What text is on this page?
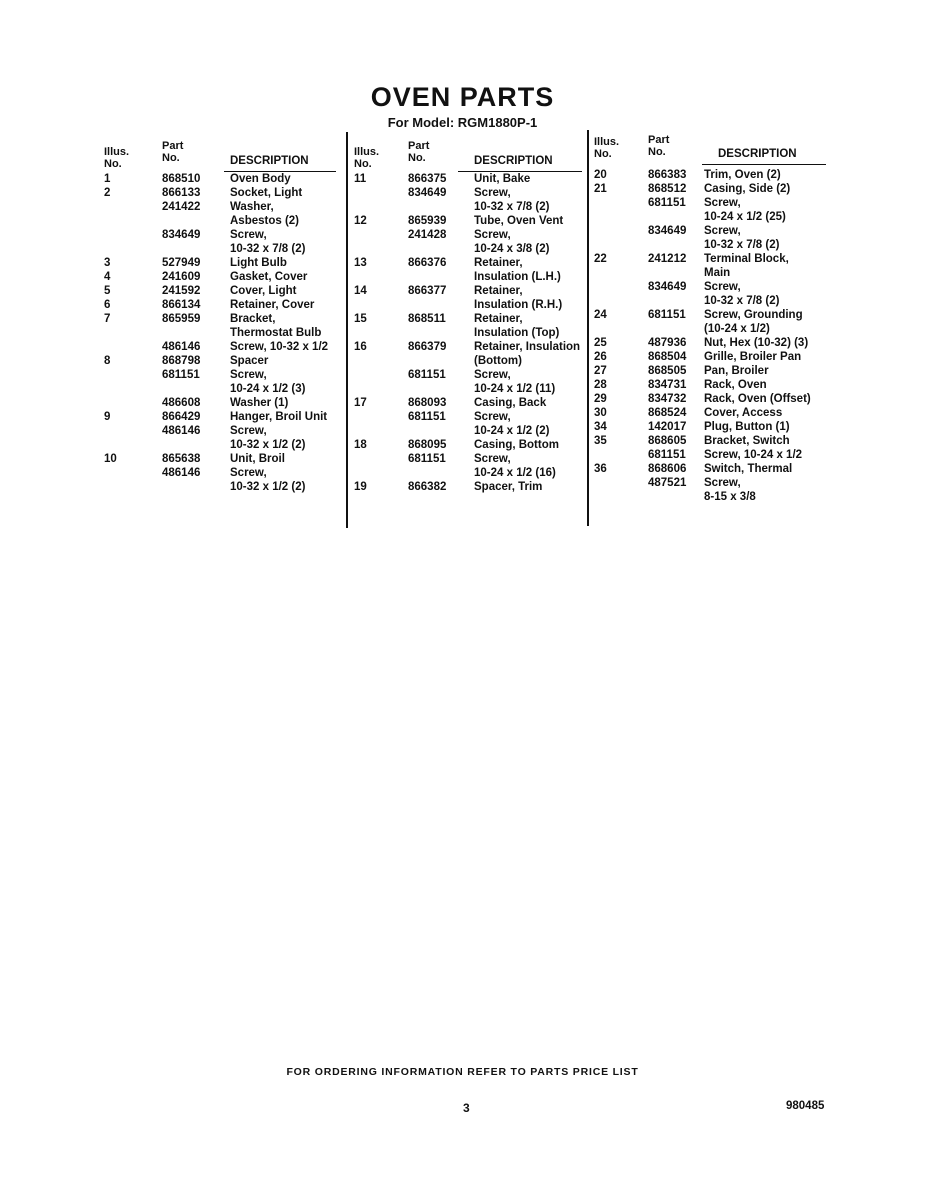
OVEN PARTS
For Model: RGM1880P-1
Illus.
No.
Part
No.	DESCRIPTION
1	868510	Oven Body
2	866133	Socket, Light
241422	Washer,
Asbestos (2)
834649	Screw,
10-32 x 7/8 (2)
3	527949	Light Bulb
4	241609	Gasket, Cover
5	241592	Cover, Light
6	866134	Retainer, Cover
7	865959	Bracket,
Thermostat Bulb
486146	Screw, 10-32 x 1/2
8	868798	Spacer
681151	Screw,
10-24 x 1/2 (3)
486608	Washer (1)
9	866429	Hanger, Broil Unit
486146	Screw,
10-32 x 1/2 (2)
10	865638	Unit, Broil
486146	Screw,
10-32 x 1/2 (2)
Illus.
No.
Part
No.	DESCRIPTION
11	866375	Unit, Bake
834649	Screw,
10-32 x 7/8 (2)
12	865939	Tube, Oven Vent
241428	Screw,
10-24 x 3/8 (2)
13	866376	Retainer,
Insulation (L.H.)
14	866377	Retainer,
Insulation (R.H.)
15	868511	Retainer,
Insulation (Top)
16	866379	Retainer, Insulation
(Bottom)
681151	Screw,
10-24 x 1/2 (11)
17	868093	Casing, Back
681151	Screw,
10-24 x 1/2 (2)
18	868095	Casing, Bottom
681151	Screw,
10-24 x 1/2 (16)
19	866382	Spacer, Trim
Illus.
No.
Part
No.	DESCRIPTION
20	866383	Trim, Oven (2)
21	868512	Casing, Side (2)
681151	Screw,
10-24 x 1/2 (25)
834649	Screw,
10-32 x 7/8 (2)
22	241212	Terminal Block,
Main
834649	Screw,
10-32 x 7/8 (2)
24	681151	Screw, Grounding
(10-24 x 1/2)
25	487936	Nut, Hex (10-32) (3)
26	868504	Grille, Broiler Pan
27	868505	Pan, Broiler
28	834731	Rack, Oven
29	834732	Rack, Oven (Offset)
30	868524	Cover, Access
34	142017	Plug, Button (1)
35	868605	Bracket, Switch
681151	Screw, 10-24 x 1/2
36	868606	Switch, Thermal
487521	Screw,
8-15 x 3/8
FOR ORDERING INFORMATION REFER TO PARTS PRICE LIST
3	980485
